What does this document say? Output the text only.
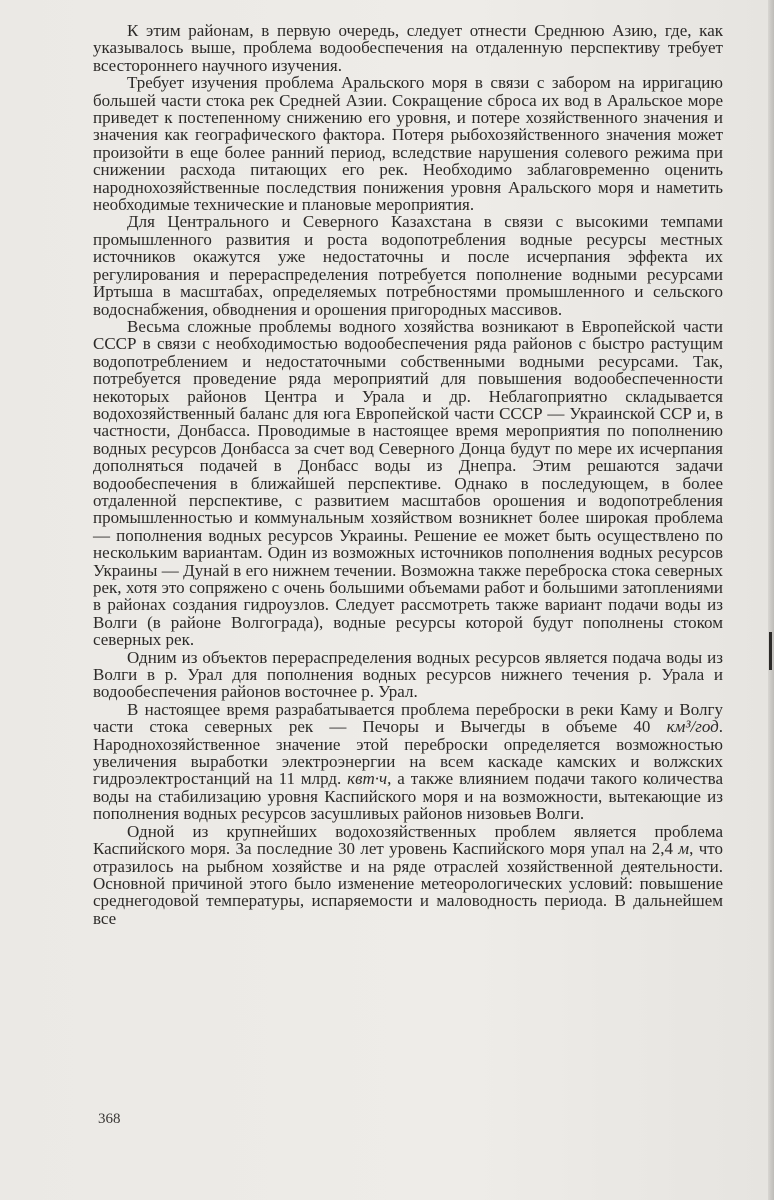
К этим районам, в первую очередь, следует отнести Среднюю Азию, где, как указывалось выше, проблема водообеспечения на отдаленную перспективу требует всестороннего научного изучения.

Требует изучения проблема Аральского моря в связи с забором на ирригацию большей части стока рек Средней Азии. Сокращение сброса их вод в Аральское море приведет к постепенному снижению его уровня, и потере хозяйственного значения и значения как географического фактора. Потеря рыбохозяйственного значения может произойти в еще более ранний период, вследствие нарушения солевого режима при снижении расхода питающих его рек. Необходимо заблаговременно оценить народнохозяйственные последствия понижения уровня Аральского моря и наметить необходимые технические и плановые мероприятия.

Для Центрального и Северного Казахстана в связи с высокими темпами промышленного развития и роста водопотребления водные ресурсы местных источников окажутся уже недостаточны и после исчерпания эффекта их регулирования и перераспределения потребуется пополнение водными ресурсами Иртыша в масштабах, определяемых потребностями промышленного и сельского водоснабжения, обводнения и орошения пригородных массивов.

Весьма сложные проблемы водного хозяйства возникают в Европейской части СССР в связи с необходимостью водообеспечения ряда районов с быстро растущим водопотреблением и недостаточными собственными водными ресурсами. Так, потребуется проведение ряда мероприятий для повышения водообеспеченности некоторых районов Центра и Урала и др. Неблагоприятно складывается водохозяйственный баланс для юга Европейской части СССР — Украинской ССР и, в частности, Донбасса. Проводимые в настоящее время мероприятия по пополнению водных ресурсов Донбасса за счет вод Северного Донца будут по мере их исчерпания дополняться подачей в Донбасс воды из Днепра. Этим решаются задачи водообеспечения в ближайшей перспективе. Однако в последующем, в более отдаленной перспективе, с развитием масштабов орошения и водопотребления промышленностью и коммунальным хозяйством возникнет более широкая проблема — пополнения водных ресурсов Украины. Решение ее может быть осуществлено по нескольким вариантам. Один из возможных источников пополнения водных ресурсов Украины — Дунай в его нижнем течении. Возможна также переброска стока северных рек, хотя это сопряжено с очень большими объемами работ и большими затоплениями в районах создания гидроузлов. Следует рассмотреть также вариант подачи воды из Волги (в районе Волгограда), водные ресурсы которой будут пополнены стоком северных рек.

Одним из объектов перераспределения водных ресурсов является подача воды из Волги в р. Урал для пополнения водных ресурсов нижнего течения р. Урала и водообеспечения районов восточнее р. Урал.

В настоящее время разрабатывается проблема переброски в реки Каму и Волгу части стока северных рек — Печоры и Вычегды в объеме 40 км³/год. Народнохозяйственное значение этой переброски определяется возможностью увеличения выработки электроэнергии на всем каскаде камских и волжских гидроэлектростанций на 11 млрд. квт·ч, а также влиянием подачи такого количества воды на стабилизацию уровня Каспийского моря и на возможности, вытекающие из пополнения водных ресурсов засушливых районов низовьев Волги.

Одной из крупнейших водохозяйственных проблем является проблема Каспийского моря. За последние 30 лет уровень Каспийского моря упал на 2,4 м, что отразилось на рыбном хозяйстве и на ряде отраслей хозяйственной деятельности. Основной причиной этого было изменение метеорологических условий: повышение среднегодовой температуры, испаряемости и маловодность периода. В дальнейшем все

368
